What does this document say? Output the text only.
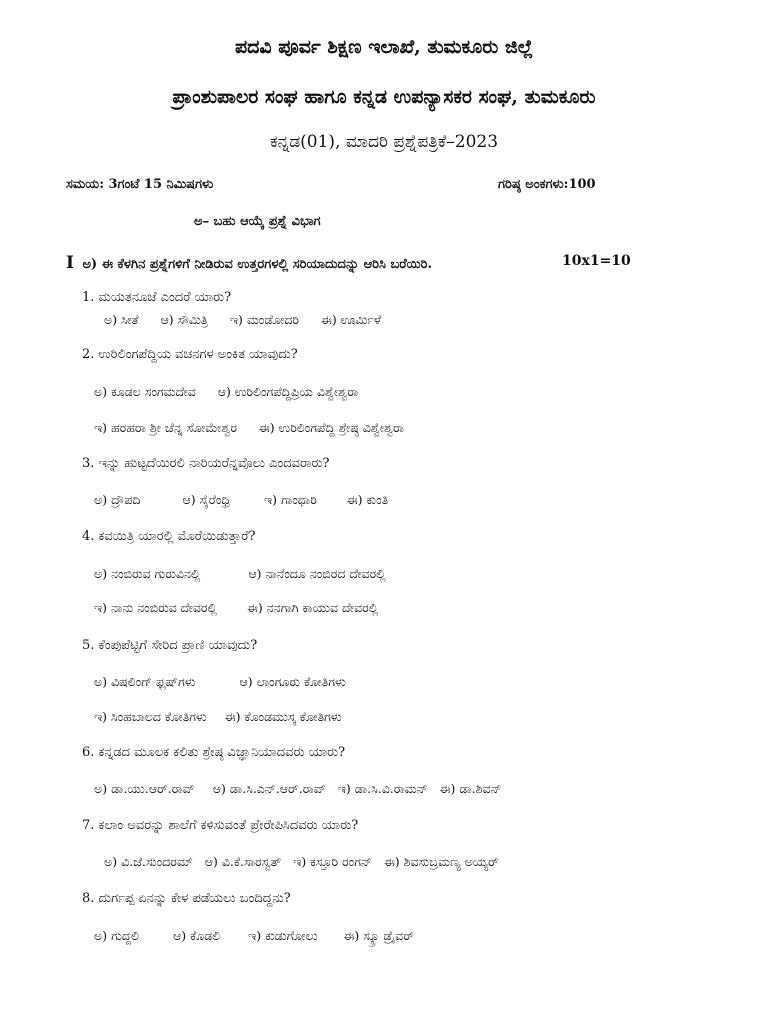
ಪದವಿ ಪೂರ್ವ ಶಿಕ್ಷಣ ಇಲಾಖೆ, ತುಮಕೂರು ಜಿಲ್ಲೆ
ಪ್ರಾಂಶುಪಾಲರ ಸಂಘ ಹಾಗೂ ಕನ್ನಡ ಉಪನ್ಯಾಸಕರ ಸಂಘ, ತುಮಕೂರು
ಕನ್ನಡ(01), ಮಾದರಿ ಪ್ರಶ್ನೆಪತ್ರಿಕೆ–2023
ಸಮಯ: 3ಗಂಟೆ 15 ನಿಮಿಷಗಳು	ಗರಿಷ್ಠ ಅಂಕಗಳು:100
ಅ– ಬಹು ಆಯ್ಕೆ ಪ್ರಶ್ನೆ ವಿಭಾಗ
I ಅ) ಈ ಕೆಳಗಿನ ಪ್ರಶ್ನೆಗಳಿಗೆ ನೀಡಿರುವ ಉತ್ತರಗಳಲ್ಲಿ ಸರಿಯಾದುದನ್ನು ಆರಿಸಿ ಬರೆಯಿರಿ.	10x1=10
1. ಮಯತನೂಜೆ ಎಂದರೆ ಯಾರು?
ಅ) ಸೀತೆ ಆ) ಸೌಮಿತ್ರಿ ಇ) ಮಂಡೋದರಿ ಈ) ಊರ್ಮಿಳೆ
2. ಉರಿಲಿಂಗಪೆದ್ದಿಯ ವಚನಗಳ ಅಂಕಿತ ಯಾವುದು?
ಅ) ಕೂಡಲ ಸಂಗಮದೇವ ಆ) ಉರಿಲಿಂಗಪೆದ್ದಿಪ್ರಿಯ ವಿಶ್ವೇಶ್ವರಾ
ಇ) ಹರಹರಾ ಶ್ರೀ ಚೆನ್ನ ಸೋಮೇಶ್ವರ ಈ) ಉರಿಲಿಂಗಪೆದ್ದಿ ಶ್ರೇಷ್ಠ ವಿಶ್ವೇಶ್ವರಾ
3. ಇನ್ನು ಹುಟ್ಟದೆಯಿರಲಿ ನಾರಿಯರೆನ್ನವೊಲು ಎಂದವರಾರು?
ಅ) ದ್ರೌಪದಿ	ಆ) ಸೈರೆಂಧ್ರಿ	ಇ) ಗಾಂಧಾರಿ ಈ) ಕುಂತಿ
4. ಕವಯಿತ್ರಿ ಯಾರಲ್ಲಿ ಮೊರೆಯಿಡುತ್ತಾರೆ?
ಅ) ನಂಬಿರುವ ಗುರುವಿನಲ್ಲಿ	ಆ) ನಾನೆಂದೂ ನಂಬಿರದ ದೇವರಲ್ಲಿ
ಇ) ನಾನು ನಂಬಿರುವ ದೇವರಲ್ಲಿ ಈ) ನನಗಾಗಿ ಕಾಯುವ ದೇವರಲ್ಲಿ
5. ಕೆಂಪುಪೆಟ್ಟಿಗೆ ಸೇರಿದ ಪ್ರಾಣಿ ಯಾವುದು?
ಅ) ವಿಷಲಿಂಗ್ ಫ್ಲಷ್‌ಗಳು	ಆ) ಲಾಂಗೂರು ಕೋತಿಗಳು
ಇ) ಸಿಂಹಬಾಲದ ಕೋತಿಗಳು ಈ) ಕೊಂಡಮುಸ್ಕ ಕೋತಿಗಳು
6. ಕನ್ನಡದ ಮೂಲಕ ಕಲಿತು ಶ್ರೇಷ್ಠ ವಿಜ್ಞಾನಿಯಾದವರು ಯಾರು?
ಅ) ಡಾ.ಯು.ಆರ್.ರಾವ್ ಆ) ಡಾ.ಸಿ.ಎನ್.ಆರ್.ರಾವ್ ಇ) ಡಾ.ಸಿ.ವಿ.ರಾಮನ್ ಈ) ಡಾ.ಶಿವನ್
7. ಕಲಾಂ ಅವರನ್ನು ಶಾಲೆಗೆ ಕಳಿಸುವಂತೆ ಪ್ರೇರೇಪಿಸಿದವರು ಯಾರು?
ಅ) ವಿ.ಜೆ.ಸುಂದರಮ್ ಆ) ವಿ.ಕೆ.ಸಾರಸ್ವತ್ ಇ) ಕಸ್ತೂರಿ ರಂಗನ್ ಈ) ಶಿವಸುಬ್ರಮಣ್ಯ ಅಯ್ಯರ್
8. ದುರ್ಗಪ್ಪ ಏನನ್ನು ಕೇಳ ಪಡೆಯಲು ಬಂದಿದ್ದನು?
ಅ) ಗುದ್ದಲಿ	ಆ) ಕೊಡಲಿ ಇ) ಕುಡುಗೋಲು ಈ) ಸ್ಕ್ರೂ ಡ್ರೈವರ್
